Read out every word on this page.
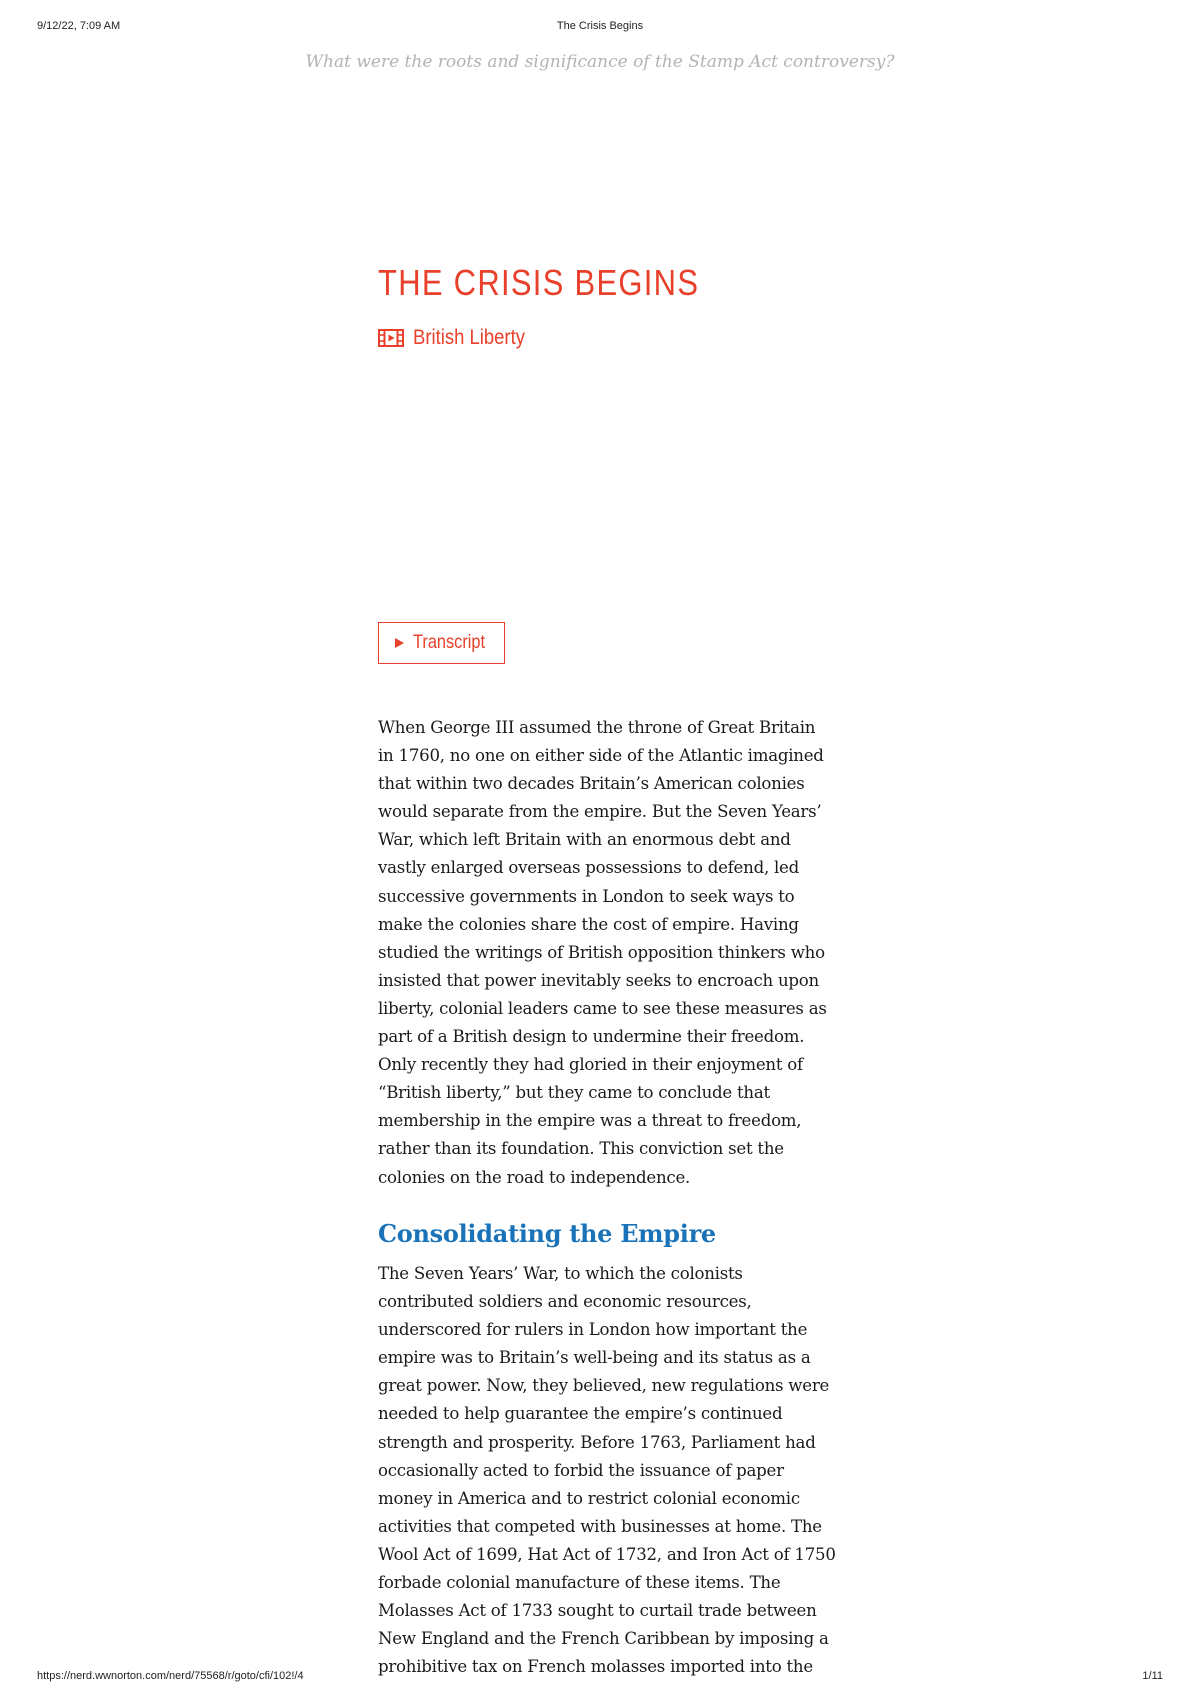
9/12/22, 7:09 AM	The Crisis Begins
What were the roots and significance of the Stamp Act controversy?
THE CRISIS BEGINS
British Liberty
Transcript
When George III assumed the throne of Great Britain
in 1760, no one on either side of the Atlantic imagined
that within two decades Britain’s American colonies
would separate from the empire. But the Seven Years’
War, which left Britain with an enormous debt and
vastly enlarged overseas possessions to defend, led
successive governments in London to seek ways to
make the colonies share the cost of empire. Having
studied the writings of British opposition thinkers who
insisted that power inevitably seeks to encroach upon
liberty, colonial leaders came to see these measures as
part of a British design to undermine their freedom.
Only recently they had gloried in their enjoyment of
“British liberty,” but they came to conclude that
membership in the empire was a threat to freedom,
rather than its foundation. This conviction set the
colonies on the road to independence.
Consolidating the Empire
The Seven Years’ War, to which the colonists
contributed soldiers and economic resources,
underscored for rulers in London how important the
empire was to Britain’s well-being and its status as a
great power. Now, they believed, new regulations were
needed to help guarantee the empire’s continued
strength and prosperity. Before 1763, Parliament had
occasionally acted to forbid the issuance of paper
money in America and to restrict colonial economic
activities that competed with businesses at home. The
Wool Act of 1699, Hat Act of 1732, and Iron Act of 1750
forbade colonial manufacture of these items. The
Molasses Act of 1733 sought to curtail trade between
New England and the French Caribbean by imposing a
prohibitive tax on French molasses imported into the
https://nerd.wwnorton.com/nerd/75568/r/goto/cfi/102!/4	1/11
